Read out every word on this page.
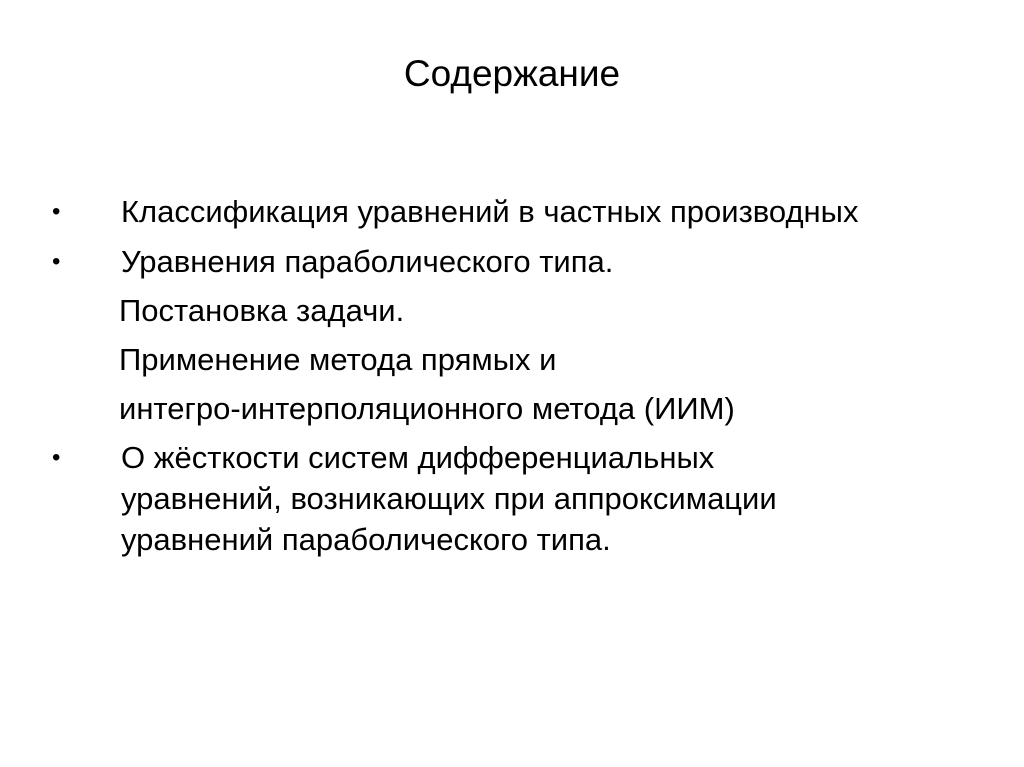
Содержание
• Классификация уравнений в частных производных
• Уравнения параболического типа.
Постановка задачи.
Применение метода прямых и
интегро-интерполяционного метода (ИИМ)
• О жёсткости систем дифференциальных
уравнений, возникающих при аппроксимации
уравнений параболического типа.
